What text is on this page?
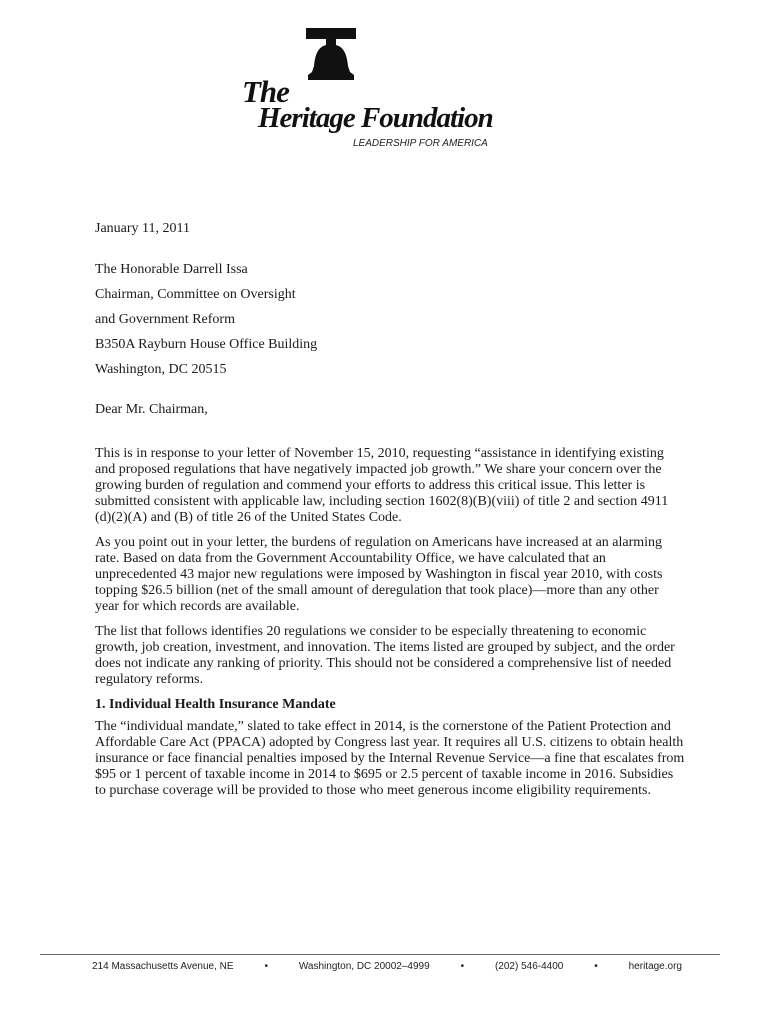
The

Heritage Foundation

LEADERSHIP FOR AMERICA

January 11, 2011

The Honorable Darrell Issa

Chairman, Committee on Oversight

and Government Reform

B350A Rayburn House Office Building

Washington, DC 20515

Dear Mr. Chairman,

This is in response to your letter of November 15, 2010, requesting “assistance in identifying existing and proposed regulations that have negatively impacted job growth.” We share your concern over the growing burden of regulation and commend your efforts to address this critical issue. This letter is submitted consistent with applicable law, including section 1602(8)(B)(viii) of title 2 and section 4911 (d)(2)(A) and (B) of title 26 of the United States Code.

As you point out in your letter, the burdens of regulation on Americans have increased at an alarming rate. Based on data from the Government Accountability Office, we have calculated that an unprecedented 43 major new regulations were imposed by Washington in fiscal year 2010, with costs topping $26.5 billion (net of the small amount of deregulation that took place)—more than any other year for which records are available.

The list that follows identifies 20 regulations we consider to be especially threatening to economic growth, job creation, investment, and innovation. The items listed are grouped by subject, and the order does not indicate any ranking of priority. This should not be considered a comprehensive list of needed regulatory reforms.

1. Individual Health Insurance Mandate

The “individual mandate,” slated to take effect in 2014, is the cornerstone of the Patient Protection and Affordable Care Act (PPACA) adopted by Congress last year. It requires all U.S. citizens to obtain health insurance or face financial penalties imposed by the Internal Revenue Service—a fine that escalates from $95 or 1 percent of taxable income in 2014 to $695 or 2.5 percent of taxable income in 2016. Subsidies to purchase coverage will be provided to those who meet generous income eligibility requirements.

214 Massachusetts Avenue, NE	•	Washington, DC 20002–4999	•	(202) 546-4400	•	heritage.org
